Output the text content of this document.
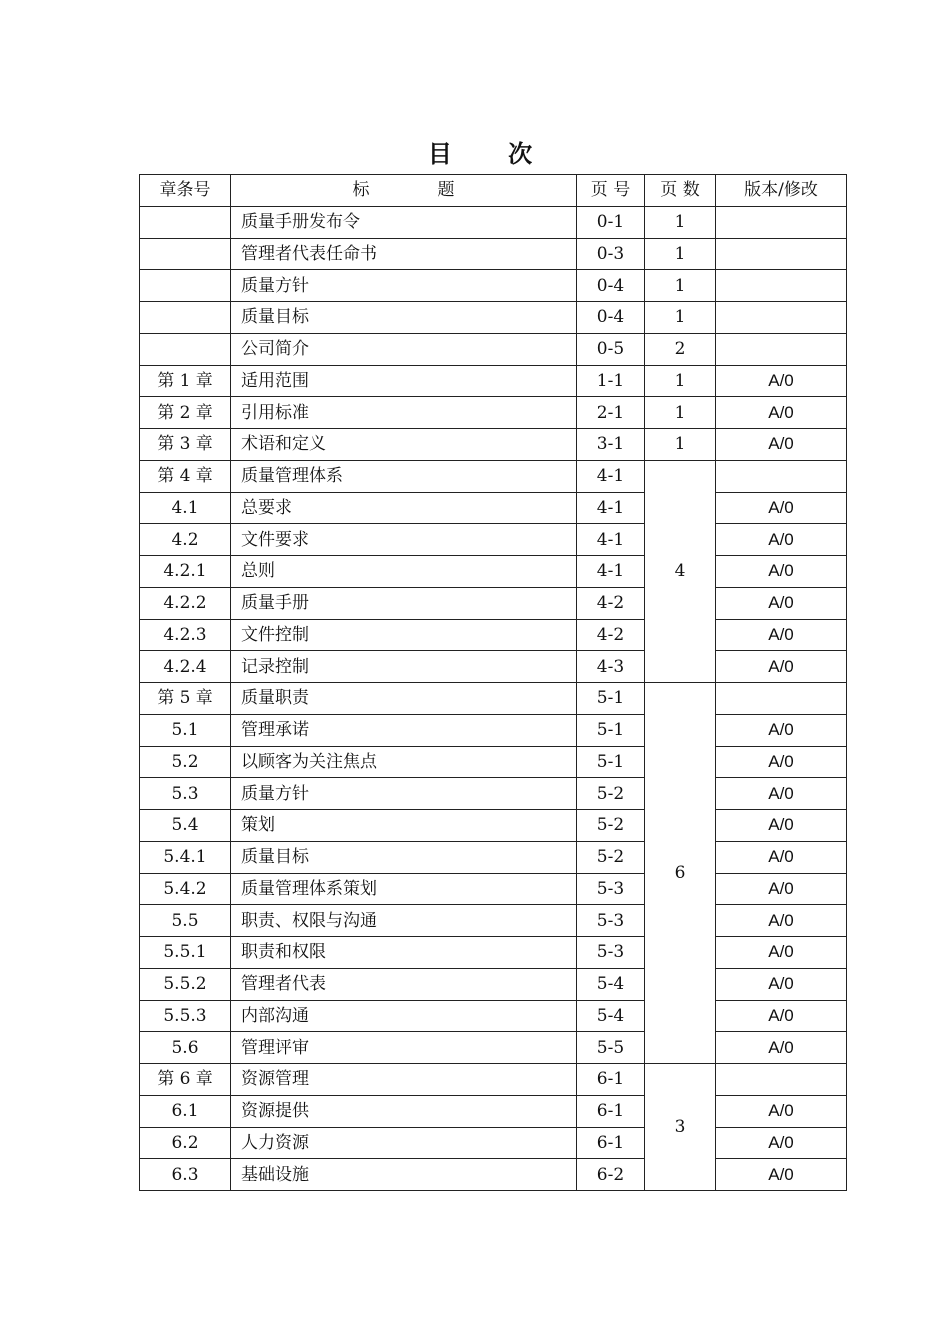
目 次
章条号	标 题	页 号	页 数	版本/修改
	质量手册发布令	0-1	1	
	管理者代表任命书	0-3	1	
	质量方针	0-4	1	
	质量目标	0-4	1	
	公司简介	0-5	2	
第 1 章	适用范围	1-1	1	A/0
第 2 章	引用标准	2-1	1	A/0
第 3 章	术语和定义	3-1	1	A/0
第 4 章	质量管理体系	4-1	4	
4.1	总要求	4-1		A/0
4.2	文件要求	4-1		A/0
4.2.1	总则	4-1		A/0
4.2.2	质量手册	4-2		A/0
4.2.3	文件控制	4-2		A/0
4.2.4	记录控制	4-3		A/0
第 5 章	质量职责	5-1	6	
5.1	管理承诺	5-1		A/0
5.2	以顾客为关注焦点	5-1		A/0
5.3	质量方针	5-2		A/0
5.4	策划	5-2		A/0
5.4.1	质量目标	5-2		A/0
5.4.2	质量管理体系策划	5-3		A/0
5.5	职责、权限与沟通	5-3		A/0
5.5.1	职责和权限	5-3		A/0
5.5.2	管理者代表	5-4		A/0
5.5.3	内部沟通	5-4		A/0
5.6	管理评审	5-5		A/0
第 6 章	资源管理	6-1	3	
6.1	资源提供	6-1		A/0
6.2	人力资源	6-1		A/0
6.3	基础设施	6-2		A/0
